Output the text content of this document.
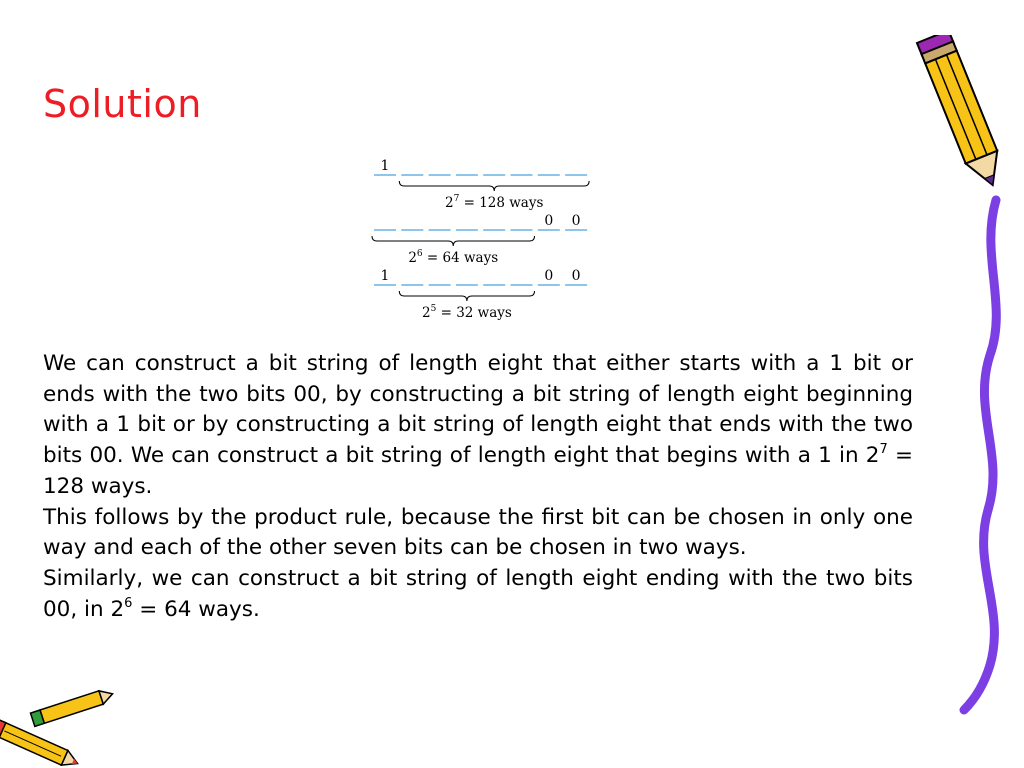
Solution
1
$2^7 = 128$ ways
0 0
$2^6 = 64$ ways
1	0 0
$2^5 = 32$ ways

We can construct a bit string of length eight that either starts with a 1 bit or ends with the two bits 00, by constructing a bit string of length eight beginning with a 1 bit or by constructing a bit string of length eight that ends with the two bits 00. We can construct a bit string of length eight that begins with a 1 in $2^7 = 128$ ways.

This follows by the product rule, because the first bit can be chosen in only one way and each of the other seven bits can be chosen in two ways.

Similarly, we can construct a bit string of length eight ending with the two bits 00, in $2^6 = 64$ ways.
